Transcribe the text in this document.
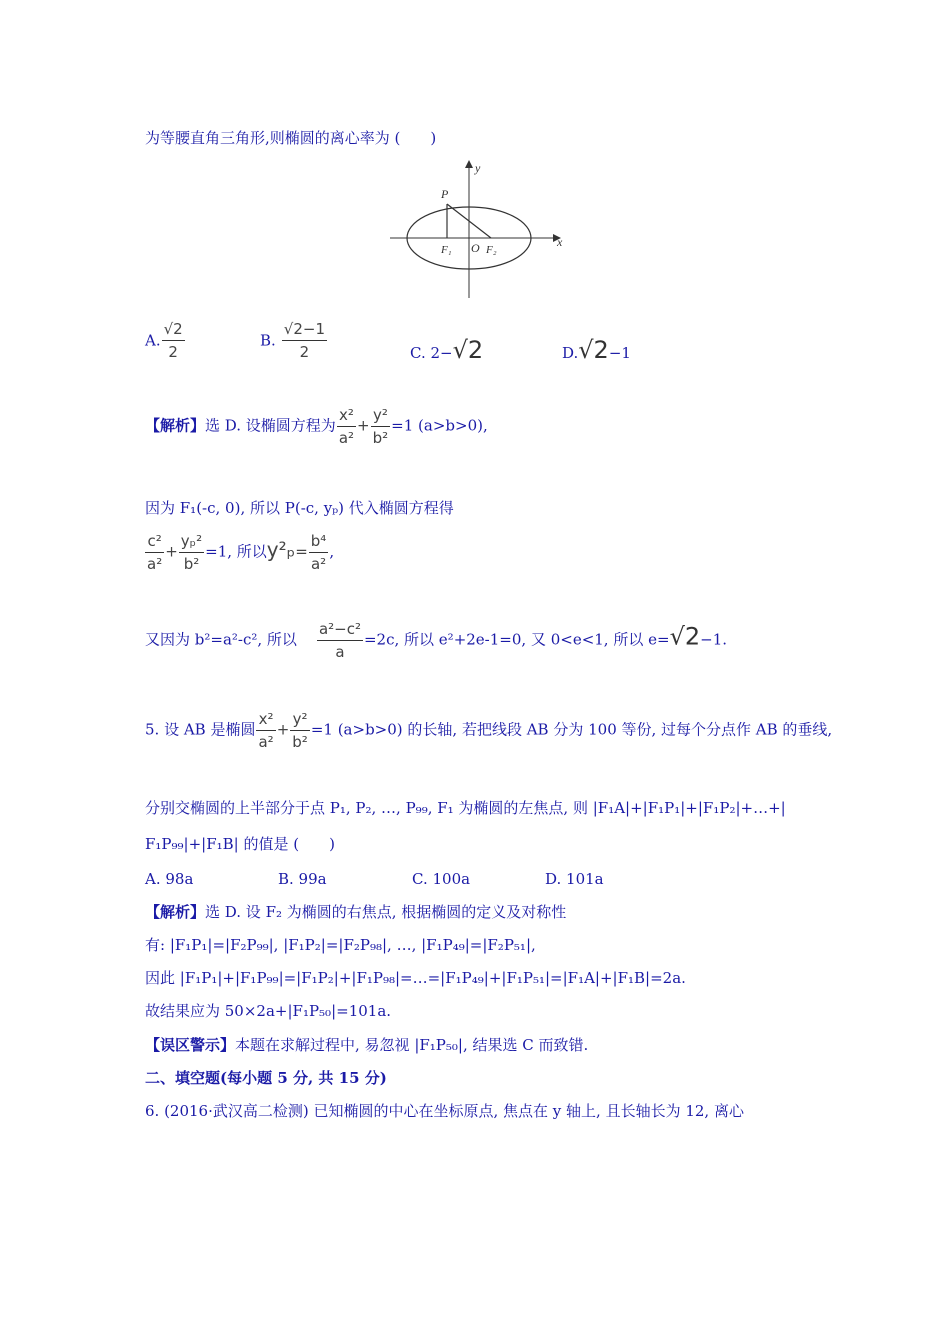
为等腰直角三角形,则椭圆的离心率为 (　　)
y
x
P
F₁ O F₂
A. $\frac{√2}{2}$	B. $\frac{√2-1}{2}$	C. 2−√2	D.√2−1
【解析】选 D. 设椭圆方程为 $\frac{\text{x²}}{\text{a²}} + \frac{\text{y²}}{\text{b²}} =1$ (a>b>0),
因为 F₁(-c, 0), 所以 P(-c, yₚ) 代入椭圆方程得
$\frac{\text{c²}}{\text{a²}} + \frac{\text{yₚ²}}{\text{b²}} =1$, 所以$y^2_p= \frac{\text{b⁴}}{\text{a²}}$ ,
又因为 b²=a²-c², 所以 $\frac{\text{a²−c²}}{a} =2c$, 所以 e²+2e-1=0, 又 0<e<1, 所以 e=√2−1.
5. 设 AB 是椭圆 $\frac{\text{x²}}{\text{a²}} + \frac{\text{y²}}{\text{b²}} =1$ (a>b>0) 的长轴, 若把线段 AB 分为 100 等份, 过每个分点作 AB 的垂线,
分别交椭圆的上半部分于点 P₁, P₂, …, P₉₉, F₁ 为椭圆的左焦点, 则 |F₁A|+|F₁P₁|+|F₁P₂|+…+|
F₁P₉₉|+|F₁B| 的值是 (　　)
A. 98a	B. 99a	C. 100a	D. 101a
【解析】选 D. 设 F₂ 为椭圆的右焦点, 根据椭圆的定义及对称性
有: |F₁P₁|=|F₂P₉₉|, |F₁P₂|=|F₂P₉₈|, …, |F₁P₄₉|=|F₂P₅₁|,
因此 |F₁P₁|+|F₁P₉₉|=|F₁P₂|+|F₁P₉₈|=…=|F₁P₄₉|+|F₁P₅₁|=|F₁A|+|F₁B|=2a.
故结果应为 50×2a+|F₁P₅₀|=101a.
【误区警示】本题在求解过程中, 易忽视 |F₁P₅₀|, 结果选 C 而致错.
二、填空题(每小题 5 分, 共 15 分)
6. (2016·武汉高二检测) 已知椭圆的中心在坐标原点, 焦点在 y 轴上, 且长轴长为 12, 离心
